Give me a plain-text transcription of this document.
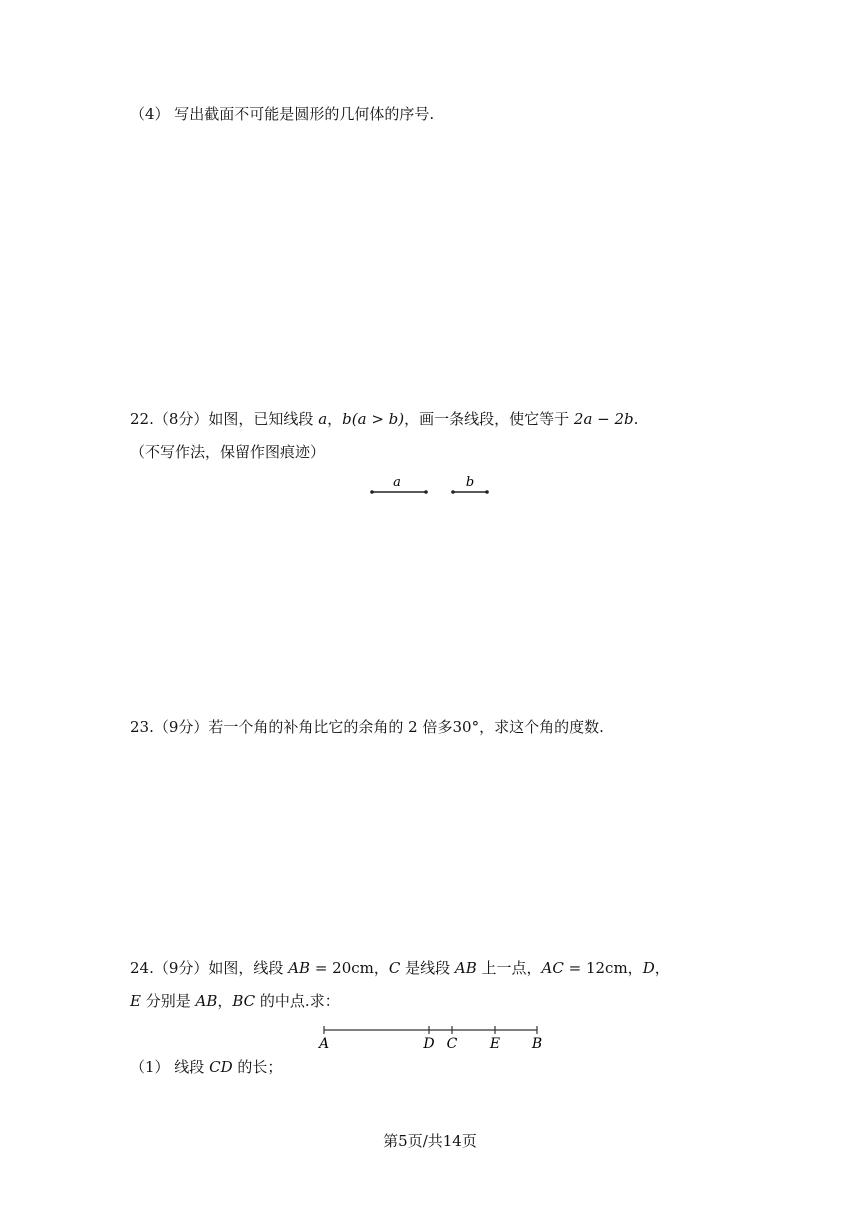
（4） 写出截面不可能是圆形的几何体的序号.
22.（8分）如图，已知线段 a，b(a > b)，画一条线段，使它等于 2a − 2b.
（不写作法，保留作图痕迹）
a	b
23.（9分）若一个角的补角比它的余角的 2 倍多30°，求这个角的度数.
24.（9分）如图，线段 AB = 20cm，C 是线段 AB 上一点，AC = 12cm，D，
E 分别是 AB，BC 的中点.求：
A	D C E B
（1） 线段 CD 的长；
第5页/共14页
